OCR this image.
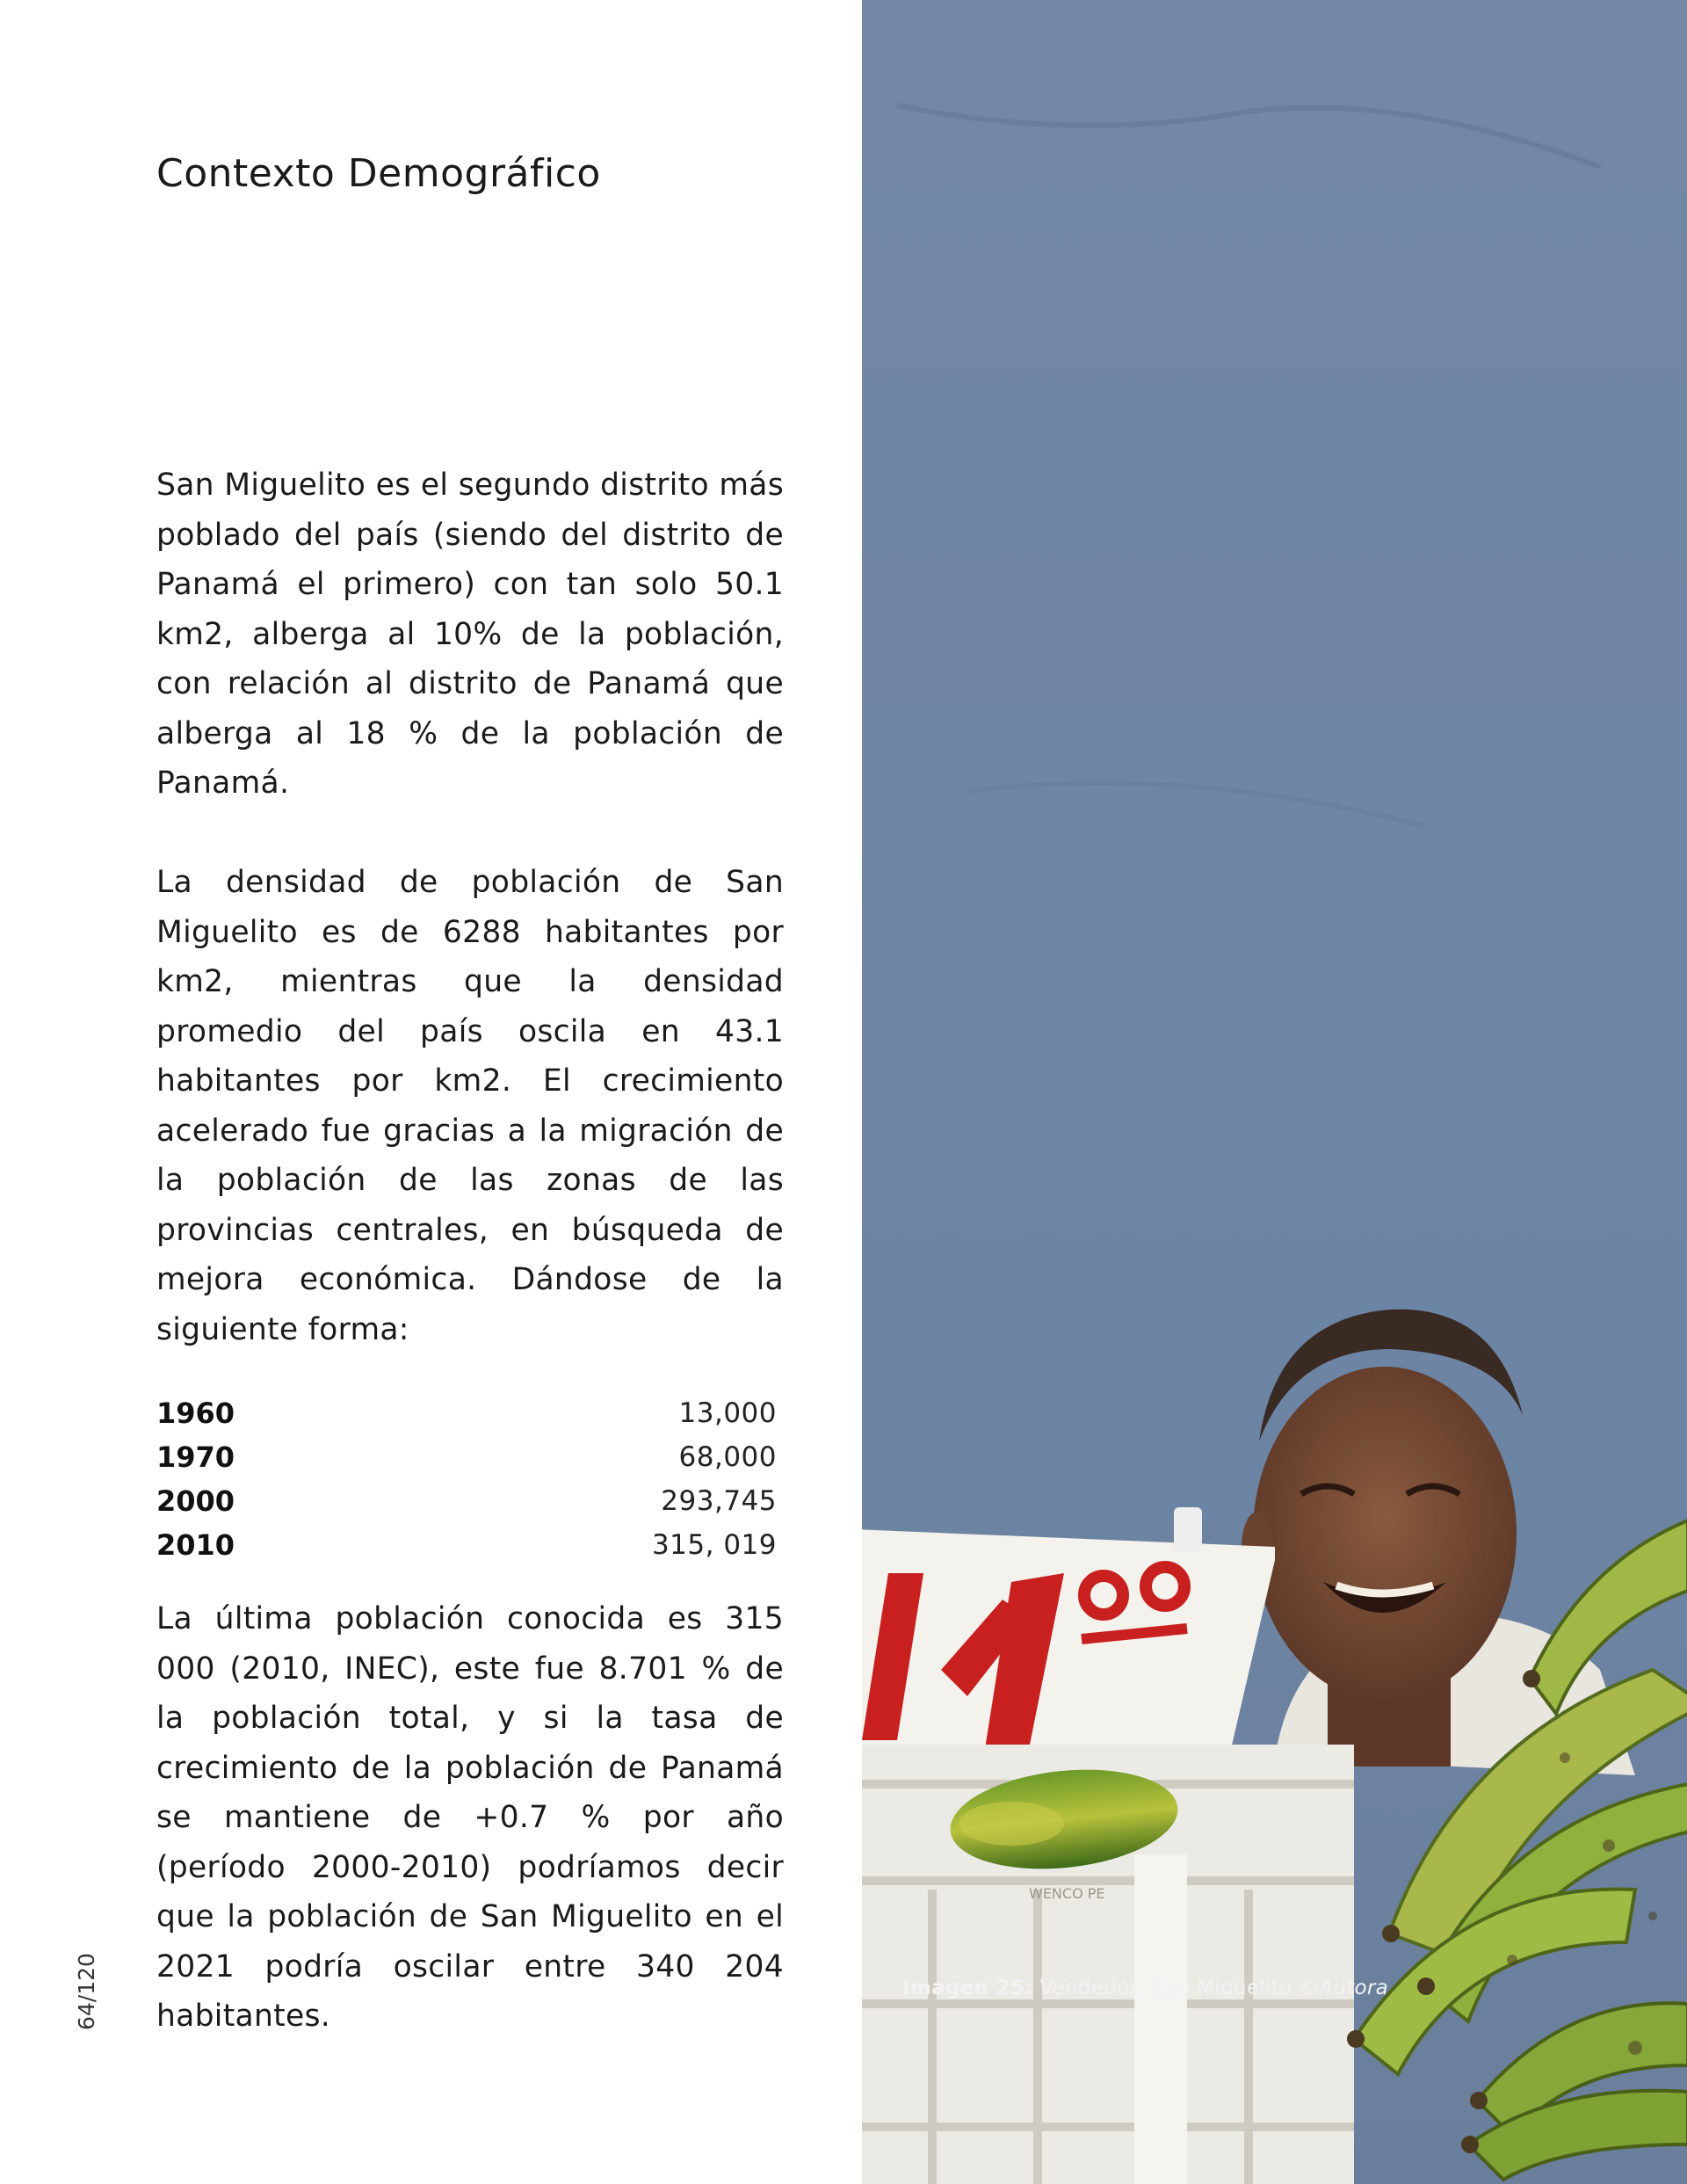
Contexto Demográfico

San Miguelito es el segundo distrito más poblado del país (siendo del distrito de Panamá el primero) con tan solo 50.1 km2, alberga al 10% de la población, con relación al distrito de Panamá que alberga al 18 % de la población de Panamá.

La densidad de población de San Miguelito es de 6288 habitantes por km2, mientras que la densidad promedio del país oscila en 43.1 habitantes por km2. El crecimiento acelerado fue gracias a la migración de la población de las zonas de las provincias centrales, en búsqueda de mejora económica. Dándose de la siguiente forma:

1960	13,000
1970	68,000
2000	293,745
2010	315, 019

La última población conocida es 315 000 (2010, INEC), este fue 8.701 % de la población total, y si la tasa de crecimiento de la población de Panamá se mantiene de +0.7 % por año (período 2000-2010) podríamos decir que la población de San Miguelito en el 2021 podría oscilar entre 340 204 habitantes.

64/120
WENCO PE
Imagen 25: Vendedor, San Miguelito ©Autora
